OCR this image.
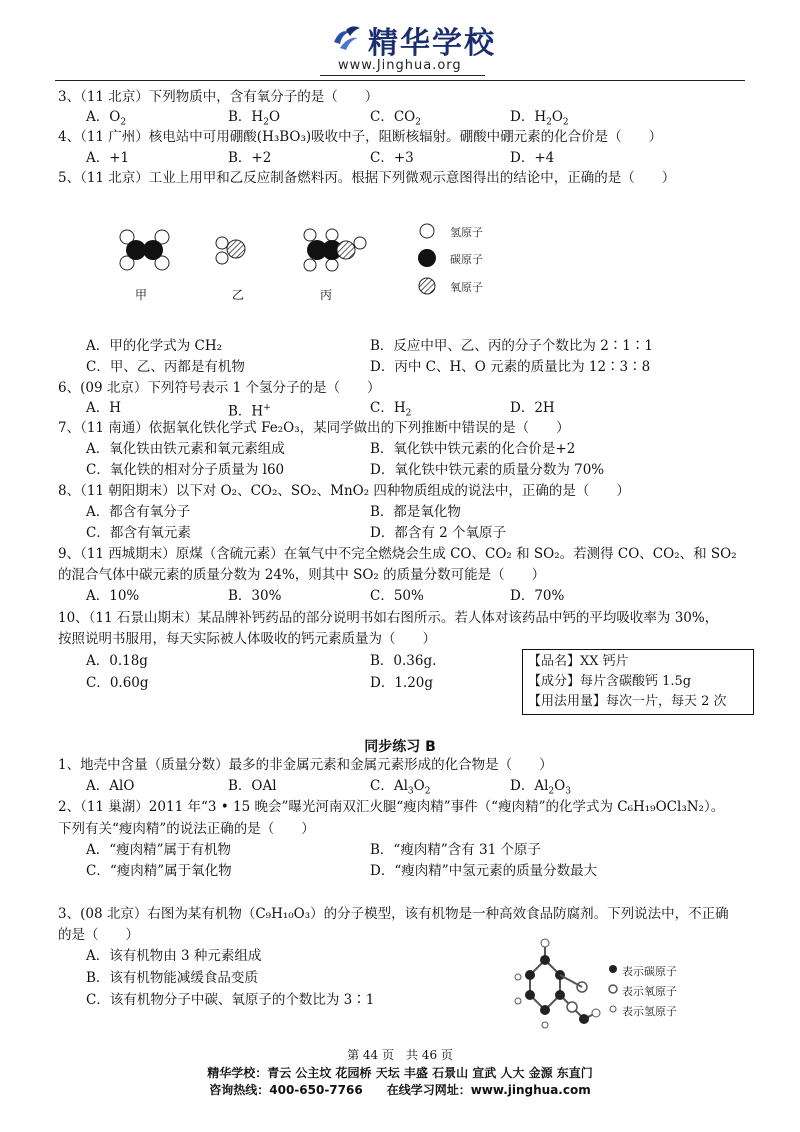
精华学校
www.Jinghua.org
3、（11 北京）下列物质中，含有氧分子的是（　　）
A．$O_2$	B．$H_2O$	C．$CO_2$	D．$H_2O_2$
4、（11 广州）核电站中可用硼酸(H₃BO₃)吸收中子，阻断核辐射。硼酸中硼元素的化合价是（　　）
A．+1	B．+2	C．+3	D．+4
5、（11 北京）工业上用甲和乙反应制备燃料丙。根据下列微观示意图得出的结论中，正确的是（　　）
甲	乙	丙
氢原子
碳原子
氧原子
A．甲的化学式为 CH₂	B．反应中甲、乙、丙的分子个数比为 2∶1∶1
C．甲、乙、丙都是有机物	D．丙中 C、H、O 元素的质量比为 12∶3∶8
6、(09 北京）下列符号表示 1 个氢分子的是（　　）
A．H	B．H+	C．$H_2$	D．2H
7、（11 南通）依据氧化铁化学式 Fe₂O₃，某同学做出的下列推断中错误的是（　　）
A．氧化铁由铁元素和氧元素组成	B．氧化铁中铁元素的化合价是+2
C．氧化铁的相对分子质量为 l60	D．氧化铁中铁元素的质量分数为 70%
8、（11 朝阳期末）以下对 O₂、CO₂、SO₂、MnO₂ 四种物质组成的说法中，正确的是（　　）
A．都含有氧分子	B．都是氧化物
C．都含有氧元素	D．都含有 2 个氧原子
9、（11 西城期末）原煤（含硫元素）在氧气中不完全燃烧会生成 CO、CO₂ 和 SO₂。若测得 CO、CO₂、和 SO₂
的混合气体中碳元素的质量分数为 24%，则其中 SO₂ 的质量分数可能是（　　）
A．10%	B．30%	C．50%	D．70%
10、（11 石景山期末）某品牌补钙药品的部分说明书如右图所示。若人体对该药品中钙的平均吸收率为 30%，
按照说明书服用，每天实际被人体吸收的钙元素质量为（　　）
A．0.18g	B．0.36g.
C．0.60g	D．1.20g
【品名】XX 钙片
【成分】每片含碳酸钙 1.5g
【用法用量】每次一片，每天 2 次
同步练习 B
1、地壳中含量（质量分数）最多的非金属元素和金属元素形成的化合物是（　　）
A．AlO	B．OAl	C．$Al_3O_2$	D．$Al_2O_3$
2、（11 巢湖）2011 年“3 • 15 晚会”曝光河南双汇火腿“瘦肉精”事件（“瘦肉精”的化学式为 C₆H₁₉OCl₃N₂）。
下列有关“瘦肉精”的说法正确的是（　　）
A．“瘦肉精”属于有机物	B．“瘦肉精”含有 31 个原子
C．“瘦肉精”属于氧化物	D．“瘦肉精”中氢元素的质量分数最大
3、(08 北京）右图为某有机物（C₉H₁₀O₃）的分子模型，该有机物是一种高效食品防腐剂。下列说法中，不正确
的是（　　）
A．该有机物由 3 种元素组成
B．该有机物能减缓食品变质
C．该有机物分子中碳、氧原子的个数比为 3∶1
表示碳原子
表示氧原子
表示氢原子
第 44 页　共 46 页
精华学校：青云 公主坟 花园桥 天坛 丰盛 石景山 宣武 人大 金源 东直门
咨询热线：400-650-7766　　在线学习网址：www.jinghua.com
